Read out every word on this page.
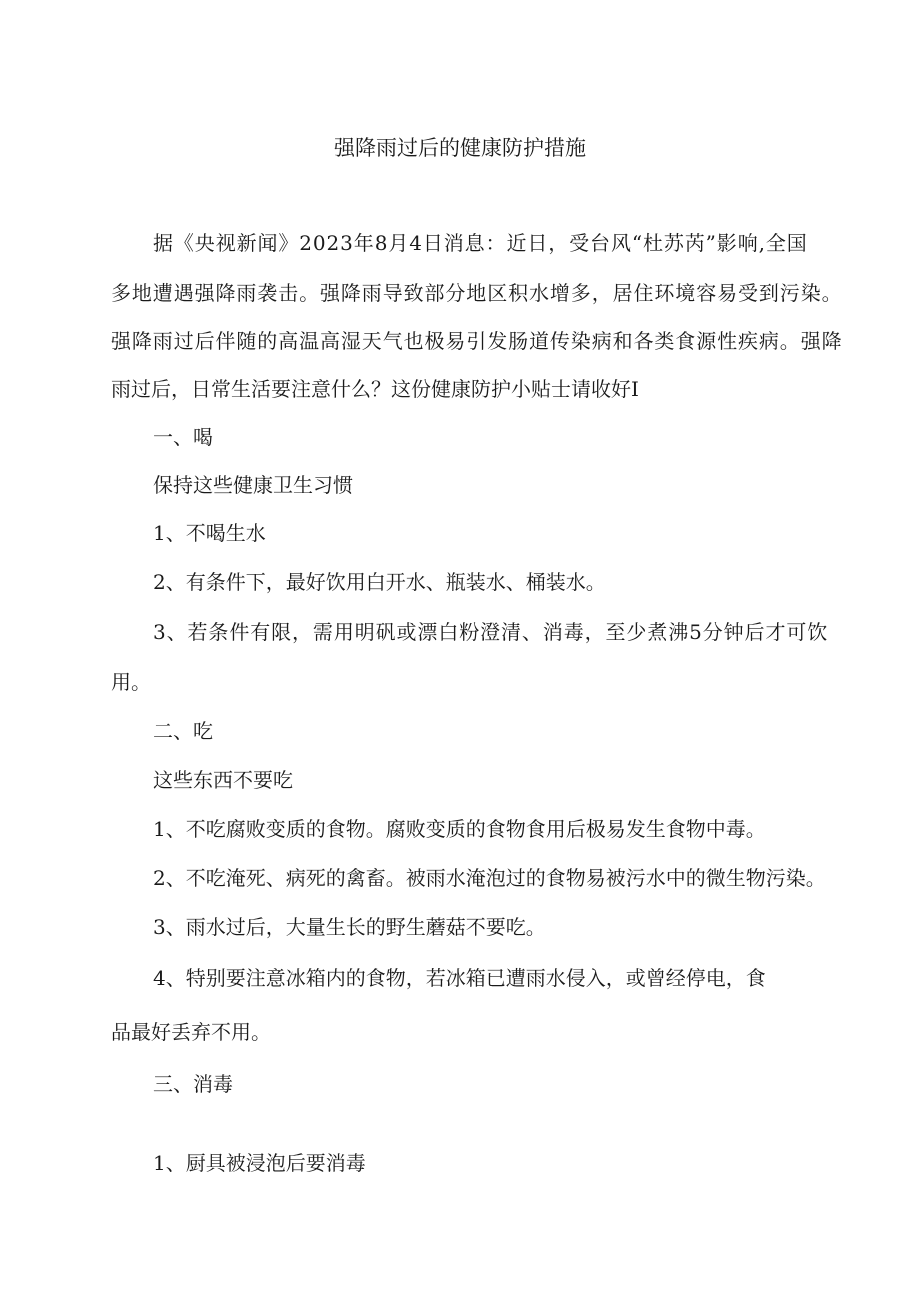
强降雨过后的健康防护措施
据《央视新闻》2023年8月4日消息：近日，受台风“杜苏芮”影响,全国
多地遭遇强降雨袭击。强降雨导致部分地区积水增多，居住环境容易受到污染。
强降雨过后伴随的高温高湿天气也极易引发肠道传染病和各类食源性疾病。强降
雨过后，日常生活要注意什么？这份健康防护小贴士请收好I
一、喝
保持这些健康卫生习惯
1、不喝生水
2、有条件下，最好饮用白开水、瓶装水、桶装水。
3、若条件有限，需用明矾或漂白粉澄清、消毒，至少煮沸5分钟后才可饮
用。
二、吃
这些东西不要吃
1、不吃腐败变质的食物。腐败变质的食物食用后极易发生食物中毒。
2、不吃淹死、病死的禽畜。被雨水淹泡过的食物易被污水中的微生物污染。
3、雨水过后，大量生长的野生蘑菇不要吃。
4、特别要注意冰箱内的食物，若冰箱已遭雨水侵入，或曾经停电，食
品最好丢弃不用。
三、消毒
1、厨具被浸泡后要消毒
